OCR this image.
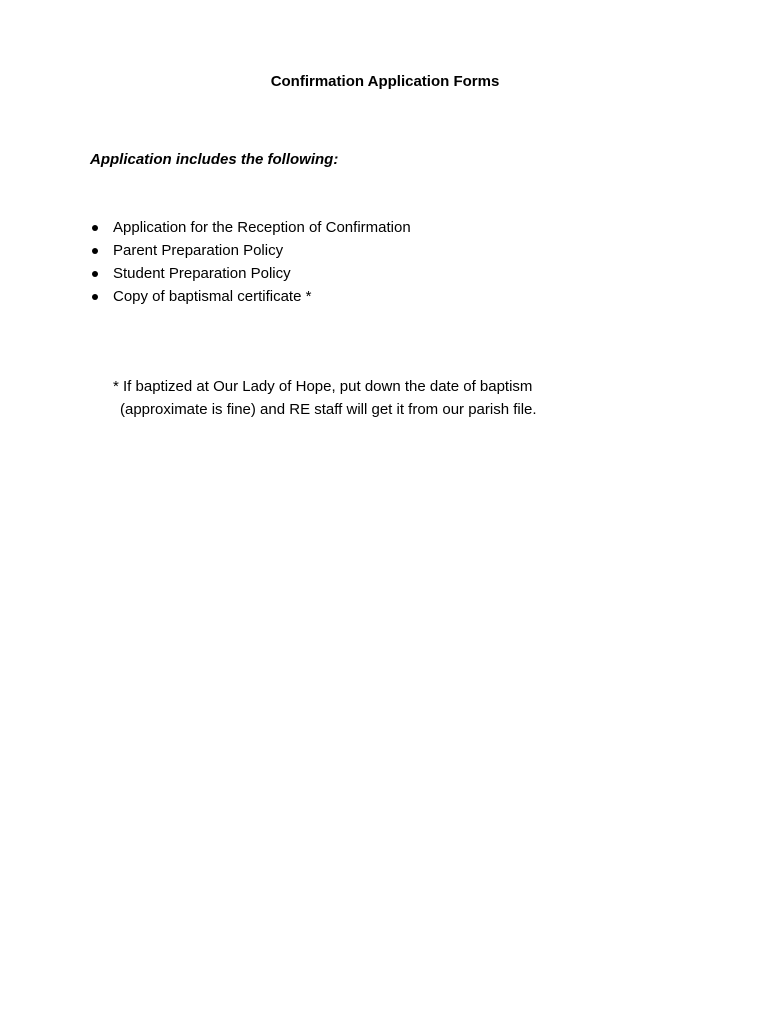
Confirmation Application Forms
Application includes the following:
Application for the Reception of Confirmation
Parent Preparation Policy
Student Preparation Policy
Copy of baptismal certificate *
* If baptized at Our Lady of Hope, put down the date of baptism
(approximate is fine) and RE staff will get it from our parish file.
